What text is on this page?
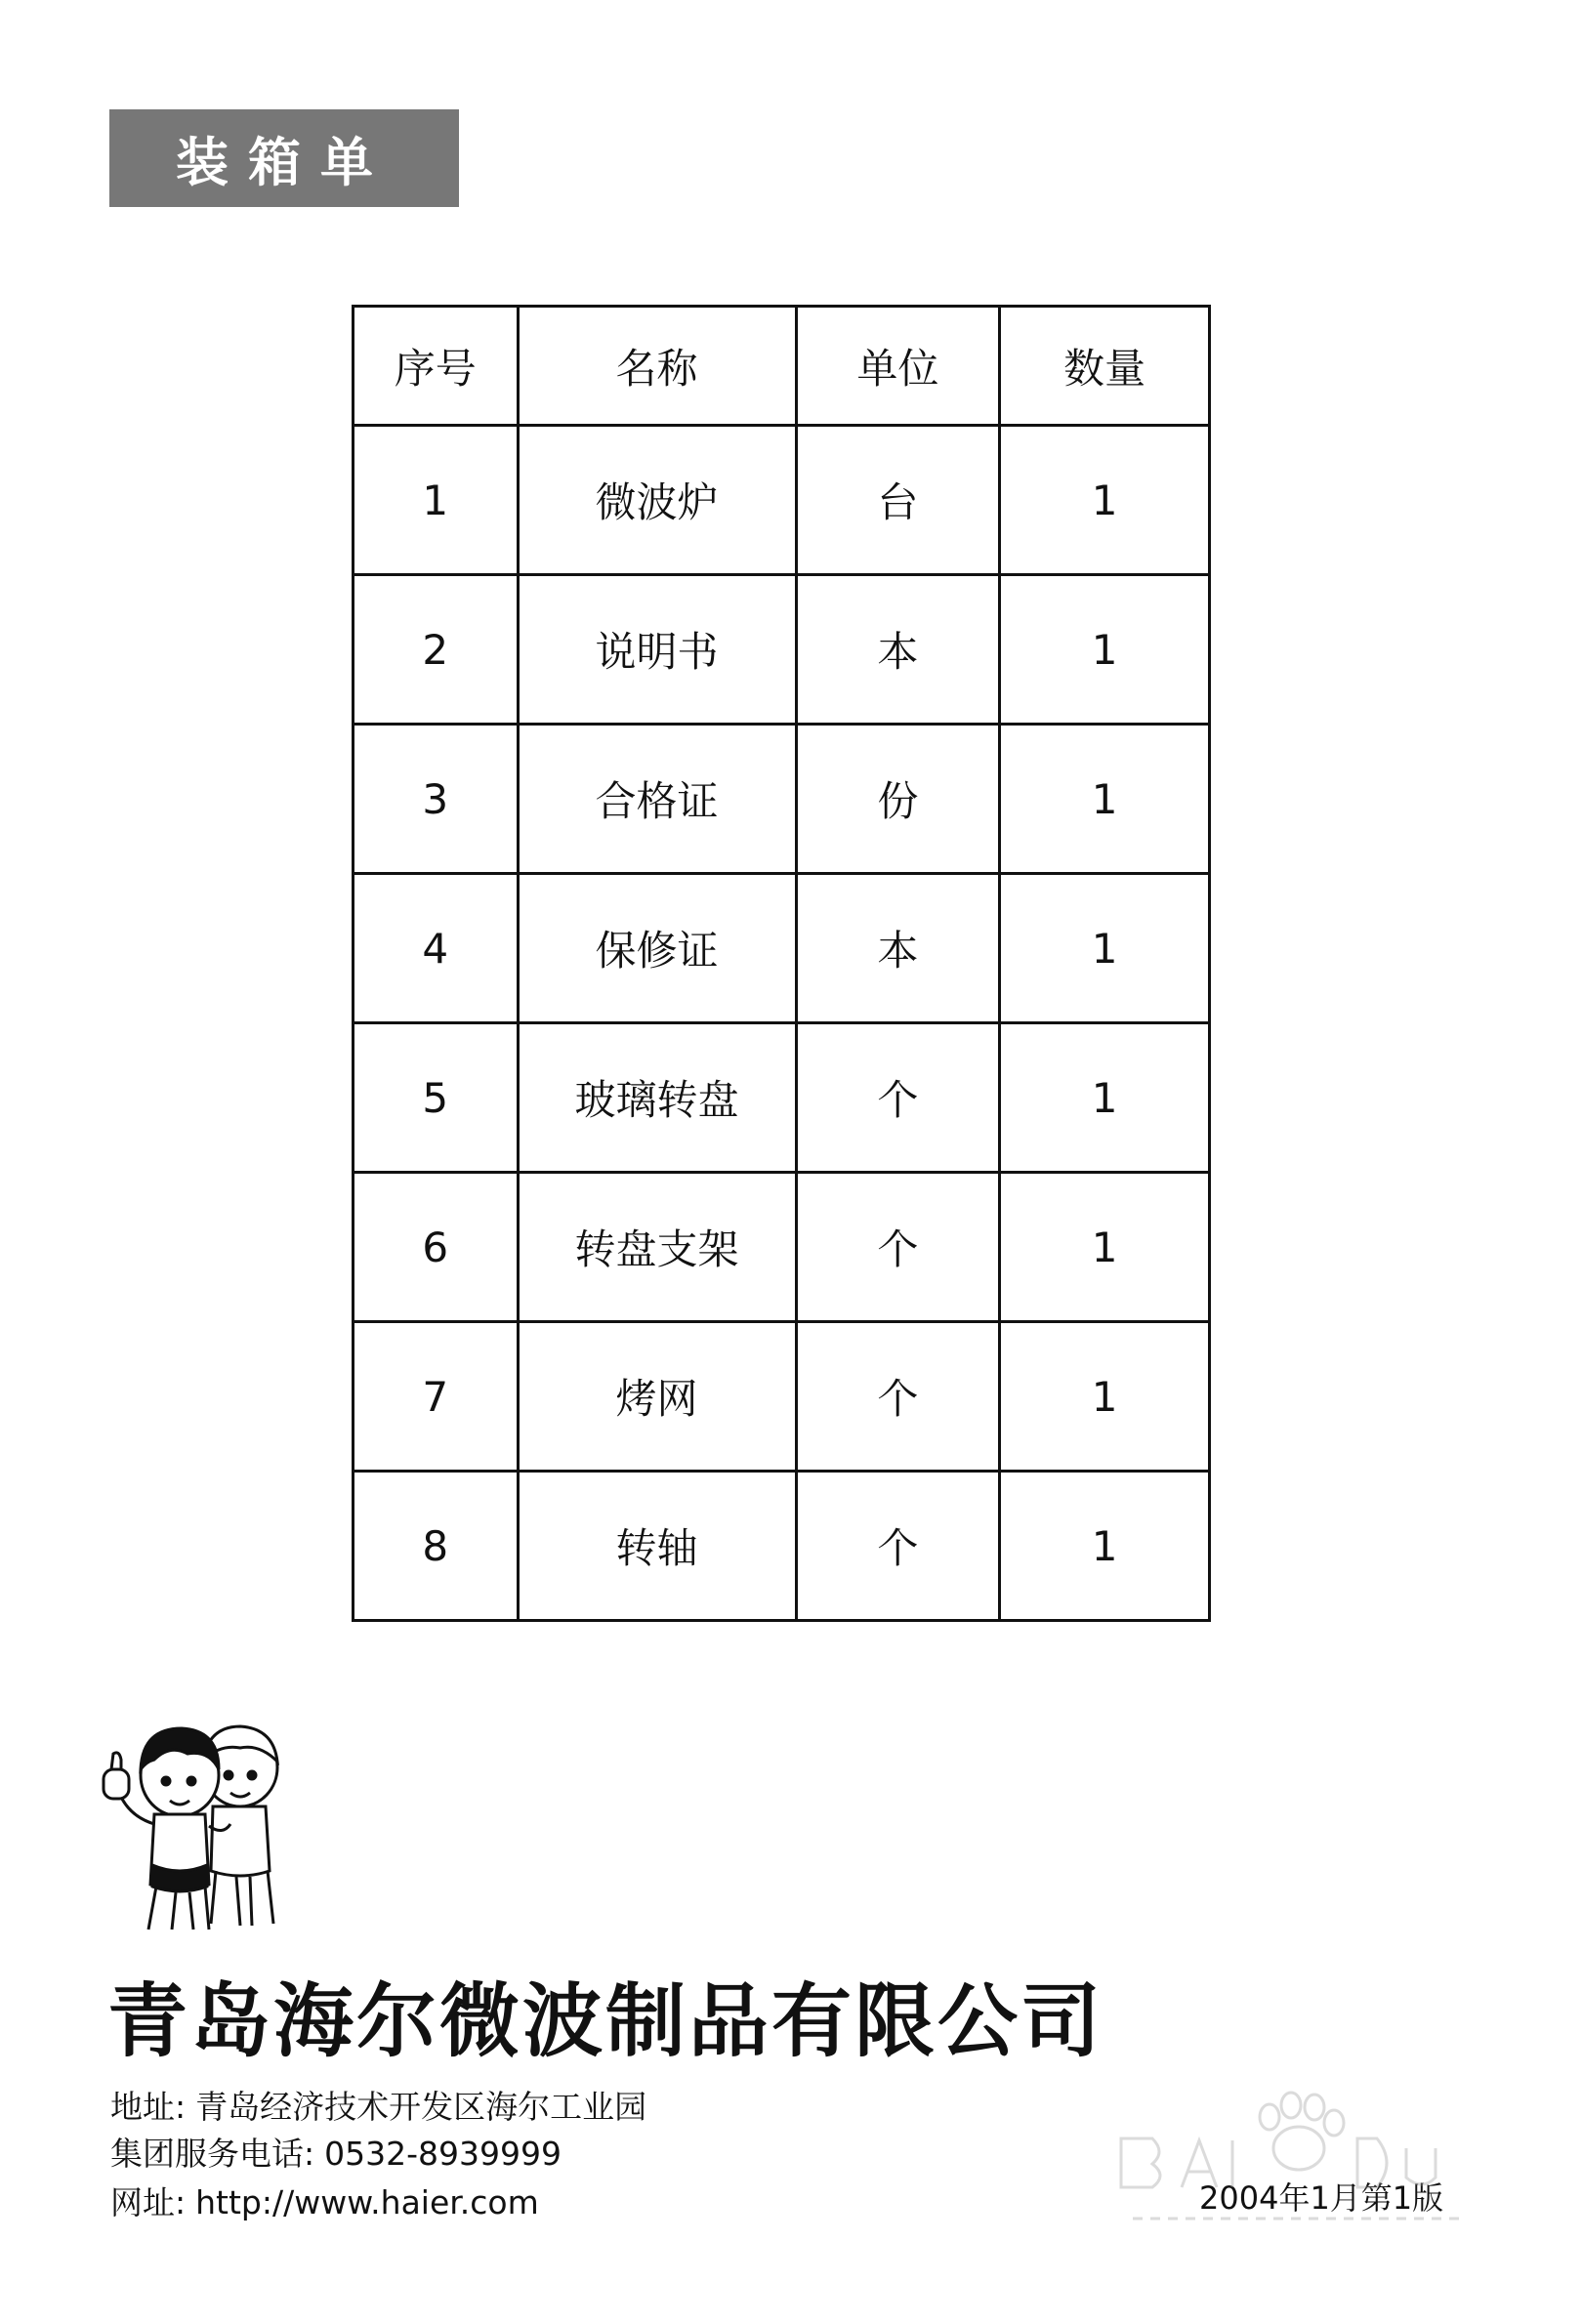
装箱单
序号	名称	单位	数量
1	微波炉	台	1
2	说明书	本	1
3	合格证	份	1
4	保修证	本	1
5	玻璃转盘	个	1
6	转盘支架	个	1
7	烤网	个	1
8	转轴	个	1
青岛海尔微波制品有限公司
地址: 青岛经济技术开发区海尔工业园
集团服务电话: 0532-8939999
网址: http://www.haier.com	2004年1月第1版
